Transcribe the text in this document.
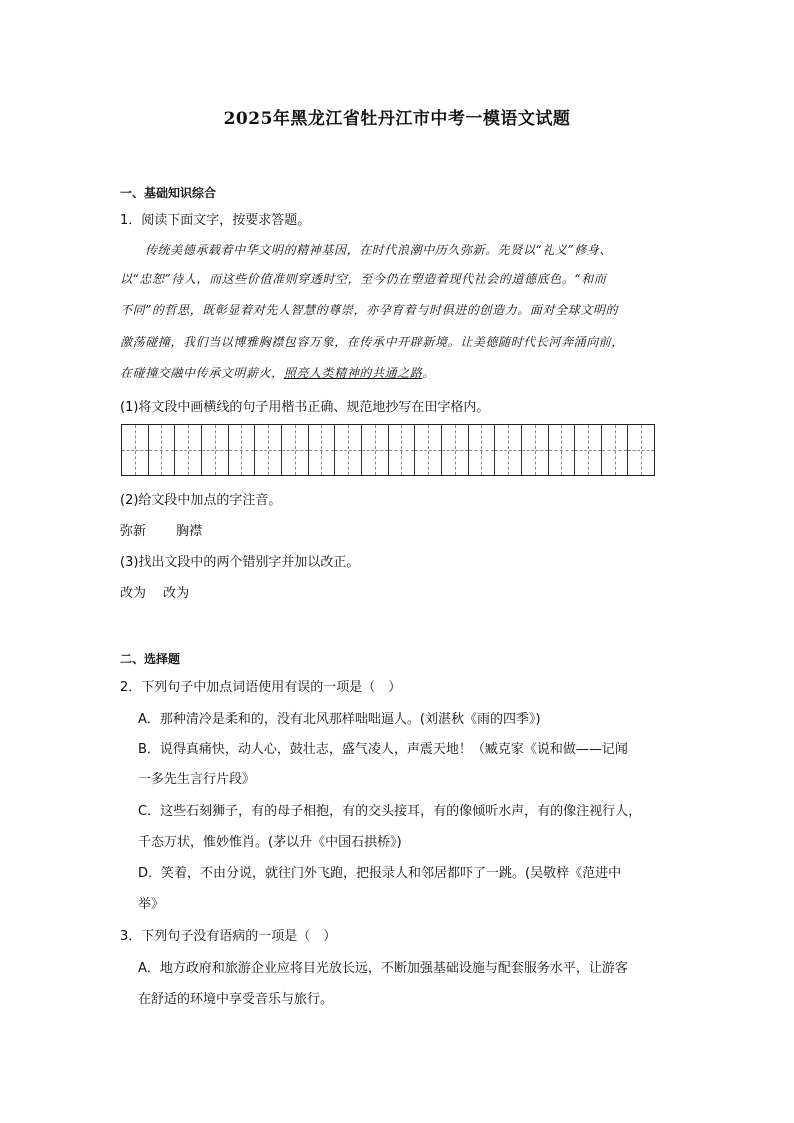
2025年黑龙江省牡丹江市中考一模语文试题
一、基础知识综合
1．阅读下面文字，按要求答题。
传统美德承载着中华文明的精神基因，在时代浪潮中历久弥新。先贤以“礼义”修身、
以“忠恕”待人，而这些价值准则穿透时空，至今仍在塑造着现代社会的道德底色。“和而
不同”的哲思，既彰显着对先人智慧的尊崇，亦孕育着与时俱进的创造力。面对全球文明的
激荡碰撞，我们当以博雅胸襟包容万象，在传承中开辟新境。让美德随时代长河奔涌向前，
在碰撞交融中传承文明薪火，照亮人类精神的共通之路。
(1)将文段中画横线的句子用楷书正确、规范地抄写在田字格内。
(2)给文段中加点的字注音。
弥新　　 胸襟
(3)找出文段中的两个错别字并加以改正。
改为　 改为
二、选择题
2．下列句子中加点词语使用有误的一项是（　）
A．那种清冷是柔和的，没有北风那样咄咄逼人。(刘湛秋《雨的四季》)
B．说得真痛快，动人心，鼓壮志，盛气凌人，声震天地！（臧克家《说和做——记闻
一多先生言行片段》
C．这些石刻狮子，有的母子相抱，有的交头接耳，有的像倾听水声，有的像注视行人，
千态万状，惟妙惟肖。(茅以升《中国石拱桥》)
D．笑着，不由分说，就往门外飞跑，把报录人和邻居都吓了一跳。(吴敬梓《范进中
举》
3．下列句子没有语病的一项是（　）
A．地方政府和旅游企业应将目光放长远，不断加强基础设施与配套服务水平，让游客
在舒适的环境中享受音乐与旅行。
